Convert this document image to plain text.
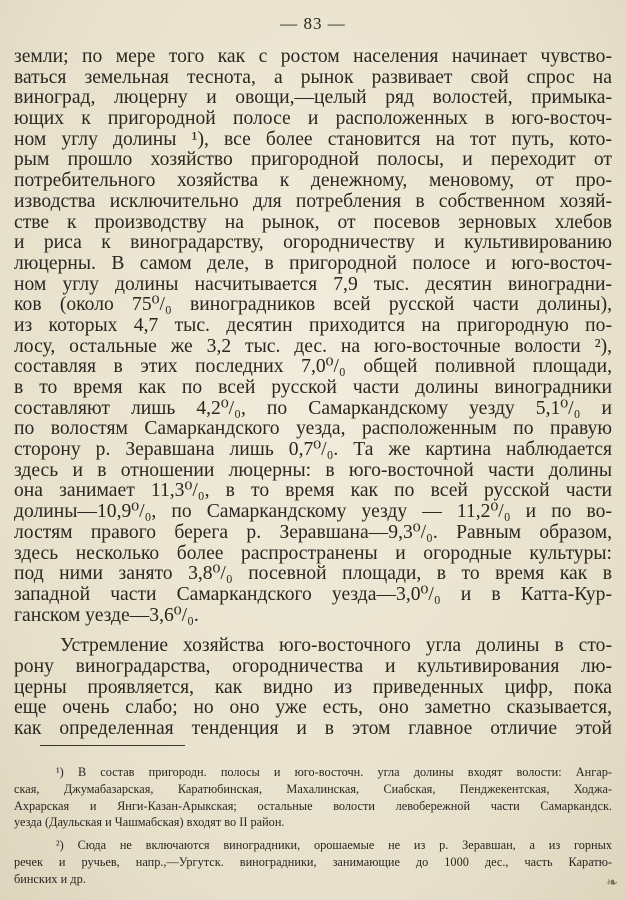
— 83 —
земли; по мере того как с ростом населения начинает чувство-
ваться земельная теснота, а рынок развивает свой спрос на
виноград, люцерну и овощи,—целый ряд волостей, примыка-
ющих к пригородной полосе и расположенных в юго-восточ-
ном углу долины ¹), все более становится на тот путь, кото-
рым прошло хозяйство пригородной полосы, и переходит от
потребительного хозяйства к денежному, меновому, от про-
изводства исключительно для потребления в собственном хозяй-
стве к производству на рынок, от посевов зерновых хлебов
и риса к виноградарству, огородничеству и культивированию
люцерны. В самом деле, в пригородной полосе и юго-восточ-
ном углу долины насчитывается 7,9 тыс. десятин виноградни-
ков (около 75⁰/₀ виноградников всей русской части долины),
из которых 4,7 тыс. десятин приходится на пригородную по-
лосу, остальные же 3,2 тыс. дес. на юго-восточные волости ²),
составляя в этих последних 7,0⁰/₀ общей поливной площади,
в то время как по всей русской части долины виноградники
составляют лишь 4,2⁰/₀, по Самаркандскому уезду 5,1⁰/₀ и
по волостям Самаркандского уезда, расположенным по правую
сторону р. Зеравшана лишь 0,7⁰/₀. Та же картина наблюдается
здесь и в отношении люцерны: в юго-восточной части долины
она занимает 11,3⁰/₀, в то время как по всей русской части
долины—10,9⁰/₀, по Самаркандскому уезду — 11,2⁰/₀ и по во-
лостям правого берега р. Зеравшана—9,3⁰/₀. Равным образом,
здесь несколько более распространены и огородные культуры:
под ними занято 3,8⁰/₀ посевной площади, в то время как в
западной части Самаркандского уезда—3,0⁰/₀ и в Катта-Кур-
ганском уезде—3,6⁰/₀.
Устремление хозяйства юго-восточного угла долины в сто-
рону виноградарства, огородничества и культивирования лю-
церны проявляется, как видно из приведенных цифр, пока
еще очень слабо; но оно уже есть, оно заметно сказывается,
как определенная тенденция и в этом главное отличие этой
¹) В состав пригородн. полосы и юго-восточн. угла долины входят волости: Ангар-
ская, Джумабазарская, Каратюбинская, Махалинская, Сиабская, Пенджекентская, Ходжа-
Ахрарская и Янги-Казан-Арыкская; остальные волости левобережной части Самаркандск.
уезда (Даульская и Чашмабская) входят во II район.
²) Сюда не включаются виноградники, орошаемые не из р. Зеравшан, а из горных
речек и ручьев, напр.,—Ургутск. виноградники, занимающие до 1000 дес., часть Каратю-
бинских и др.	❧
